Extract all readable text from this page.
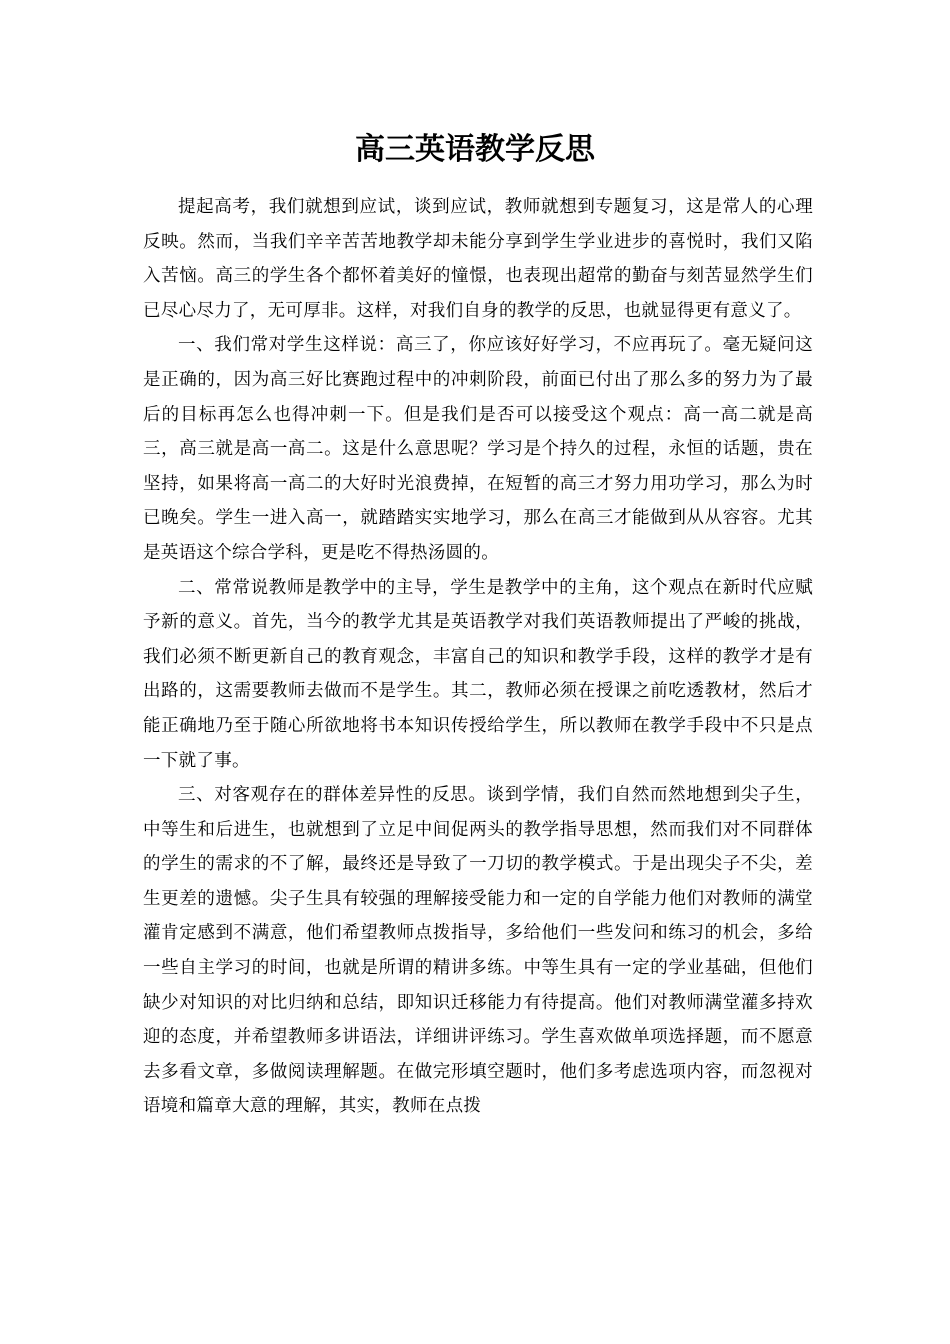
高三英语教学反思

提起高考，我们就想到应试，谈到应试，教师就想到专题复习，这是常人的心理反映。然而，当我们辛辛苦苦地教学却未能分享到学生学业进步的喜悦时，我们又陷入苦恼。高三的学生各个都怀着美好的憧憬，也表现出超常的勤奋与刻苦显然学生们已尽心尽力了，无可厚非。这样，对我们自身的教学的反思，也就显得更有意义了。

一、我们常对学生这样说：高三了，你应该好好学习，不应再玩了。毫无疑问这是正确的，因为高三好比赛跑过程中的冲刺阶段，前面已付出了那么多的努力为了最后的目标再怎么也得冲刺一下。但是我们是否可以接受这个观点：高一高二就是高三，高三就是高一高二。这是什么意思呢？学习是个持久的过程，永恒的话题，贵在坚持，如果将高一高二的大好时光浪费掉，在短暂的高三才努力用功学习，那么为时已晚矣。学生一进入高一，就踏踏实实地学习，那么在高三才能做到从从容容。尤其是英语这个综合学科，更是吃不得热汤圆的。

二、常常说教师是教学中的主导，学生是教学中的主角，这个观点在新时代应赋予新的意义。首先，当今的教学尤其是英语教学对我们英语教师提出了严峻的挑战，我们必须不断更新自己的教育观念，丰富自己的知识和教学手段，这样的教学才是有出路的，这需要教师去做而不是学生。其二，教师必须在授课之前吃透教材，然后才能正确地乃至于随心所欲地将书本知识传授给学生，所以教师在教学手段中不只是点一下就了事。

三、对客观存在的群体差异性的反思。谈到学情，我们自然而然地想到尖子生，中等生和后进生，也就想到了立足中间促两头的教学指导思想，然而我们对不同群体的学生的需求的不了解，最终还是导致了一刀切的教学模式。于是出现尖子不尖，差生更差的遗憾。尖子生具有较强的理解接受能力和一定的自学能力他们对教师的满堂灌肯定感到不满意，他们希望教师点拨指导，多给他们一些发问和练习的机会，多给一些自主学习的时间，也就是所谓的精讲多练。中等生具有一定的学业基础，但他们缺少对知识的对比归纳和总结，即知识迁移能力有待提高。他们对教师满堂灌多持欢迎的态度，并希望教师多讲语法，详细讲评练习。学生喜欢做单项选择题，而不愿意去多看文章，多做阅读理解题。在做完形填空题时，他们多考虑选项内容，而忽视对语境和篇章大意的理解，其实，教师在点拨
